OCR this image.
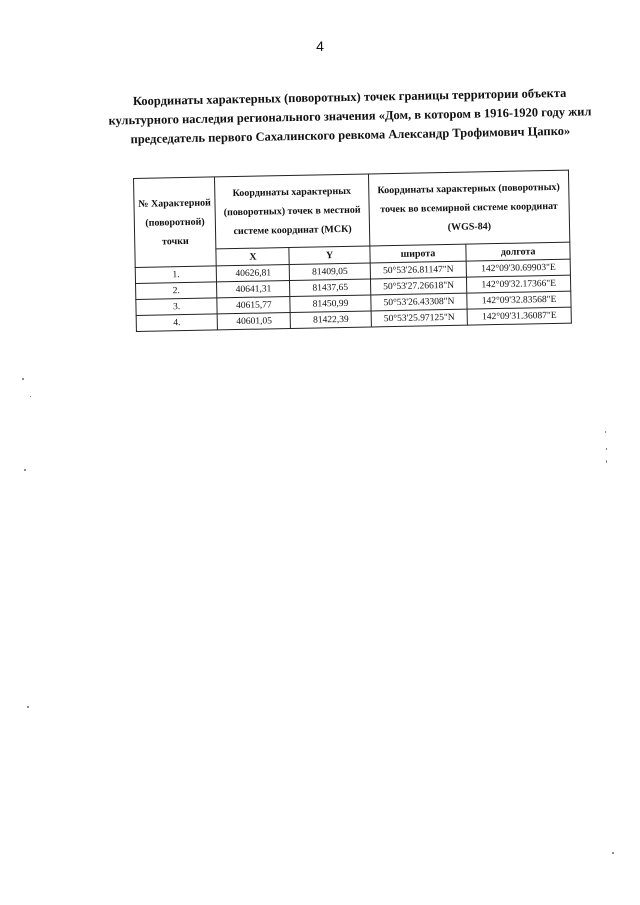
4
Координаты характерных (поворотных) точек границы территории объекта
культурного наследия регионального значения «Дом, в котором в 1916-1920 году жил
председатель первого Сахалинского ревкома Александр Трофимович Цапко»
№ Характерной (поворотной) точки	Координаты характерных (поворотных) точек в местной системе координат (МСК)		Координаты характерных (поворотных) точек во всемирной системе координат (WGS-84)	
	X	Y	широта	долгота
1.	40626,81	81409,05	50°53'26.81147"N	142°09'30.69903"E
2.	40641,31	81437,65	50°53'27.26618"N	142°09'32.17366"E
3.	40615,77	81450,99	50°53'26.43308"N	142°09'32.83568"E
4.	40601,05	81422,39	50°53'25.97125"N	142°09'31.36087"E
